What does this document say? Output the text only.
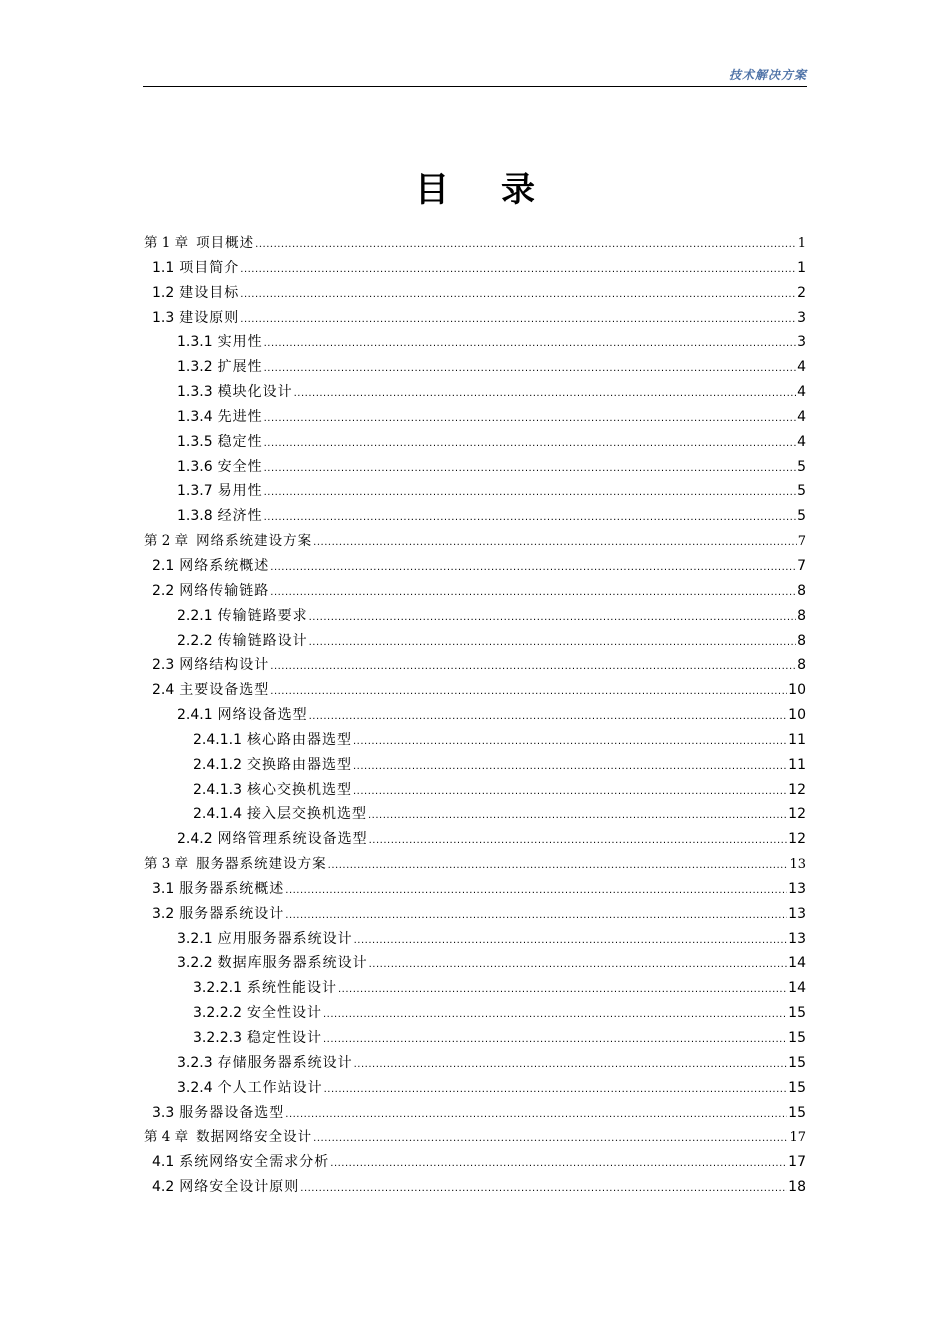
技术解决方案
目录
第 1 章 项目概述 .....	1
1.1 项目简介 .....	1
1.2 建设目标 .....	2
1.3 建设原则 .....	3
1.3.1 实用性 .....	3
1.3.2 扩展性 .....	4
1.3.3 模块化设计 .....	4
1.3.4 先进性 .....	4
1.3.5 稳定性 .....	4
1.3.6 安全性 .....	5
1.3.7 易用性 .....	5
1.3.8 经济性 .....	5
第 2 章 网络系统建设方案 .....	7
2.1 网络系统概述 .....	7
2.2 网络传输链路 .....	8
2.2.1 传输链路要求 .....	8
2.2.2 传输链路设计 .....	8
2.3 网络结构设计 .....	8
2.4 主要设备选型 .....	10
2.4.1 网络设备选型 .....	10
2.4.1.1 核心路由器选型 .....	11
2.4.1.2 交换路由器选型 .....	11
2.4.1.3 核心交换机选型 .....	12
2.4.1.4 接入层交换机选型 .....	12
2.4.2 网络管理系统设备选型 .....	12
第 3 章 服务器系统建设方案 .....	13
3.1 服务器系统概述 .....	13
3.2 服务器系统设计 .....	13
3.2.1 应用服务器系统设计 .....	13
3.2.2 数据库服务器系统设计 .....	14
3.2.2.1 系统性能设计 .....	14
3.2.2.2 安全性设计 .....	15
3.2.2.3 稳定性设计 .....	15
3.2.3 存储服务器系统设计 .....	15
3.2.4 个人工作站设计 .....	15
3.3 服务器设备选型 .....	15
第 4 章 数据网络安全设计 .....	17
4.1 系统网络安全需求分析 .....	17
4.2 网络安全设计原则 .....	18
